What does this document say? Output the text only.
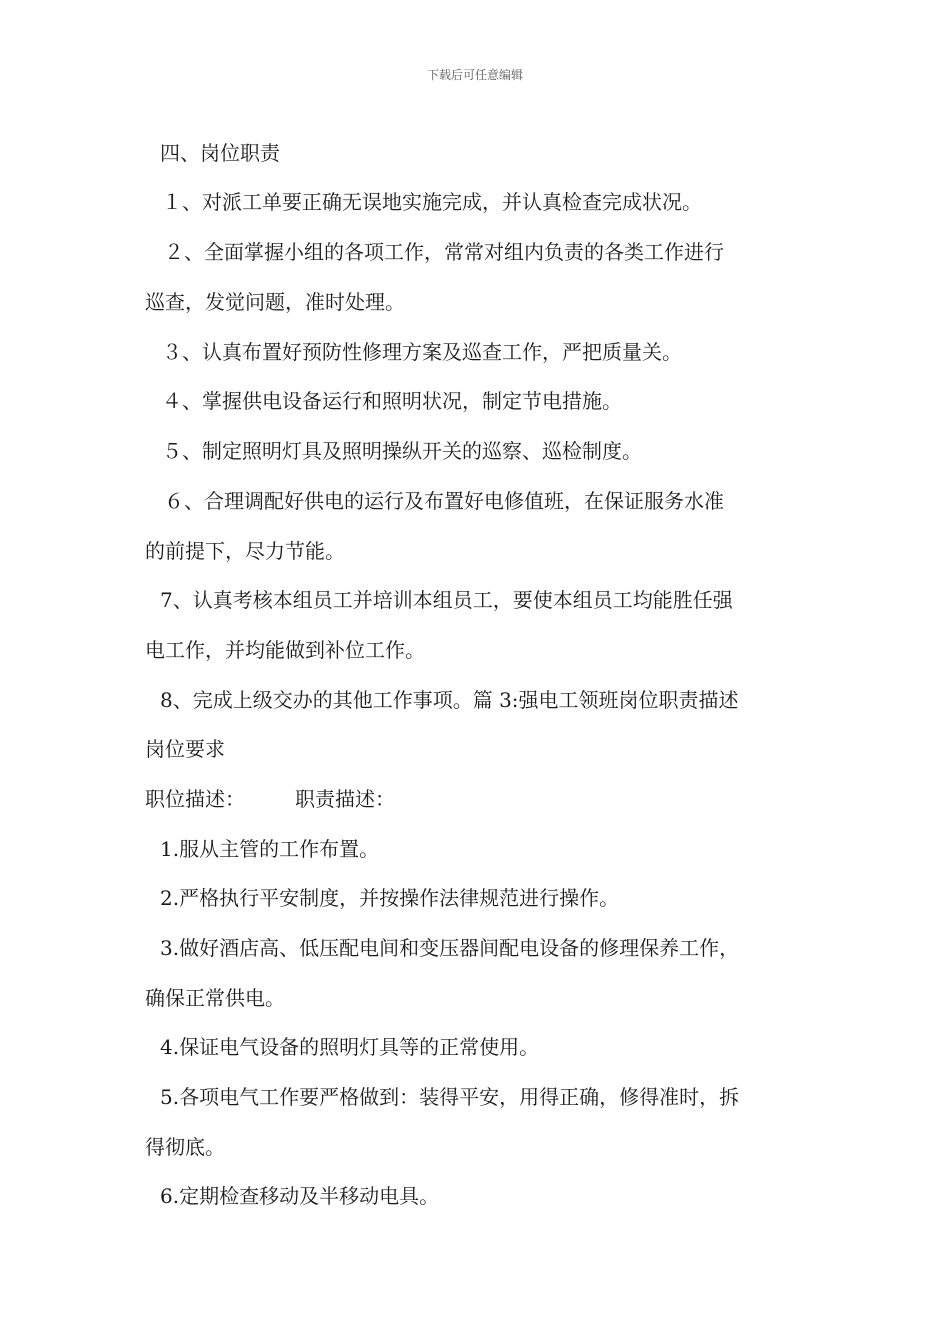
下载后可任意编辑
四、岗位职责
１、对派工单要正确无误地实施完成，并认真检查完成状况。
２、全面掌握小组的各项工作，常常对组内负责的各类工作进行
巡查，发觉问题，准时处理。
３、认真布置好预防性修理方案及巡查工作，严把质量关。
４、掌握供电设备运行和照明状况，制定节电措施。
５、制定照明灯具及照明操纵开关的巡察、巡检制度。
６、合理调配好供电的运行及布置好电修值班，在保证服务水准
的前提下，尽力节能。
7、认真考核本组员工并培训本组员工，要使本组员工均能胜任强
电工作，并均能做到补位工作。
8、完成上级交办的其他工作事项。篇 3:强电工领班岗位职责描述
岗位要求
职位描述：　　　职责描述：
1.服从主管的工作布置。
2.严格执行平安制度，并按操作法律规范进行操作。
3.做好酒店高、低压配电间和变压器间配电设备的修理保养工作，
确保正常供电。
4.保证电气设备的照明灯具等的正常使用。
5.各项电气工作要严格做到：装得平安，用得正确，修得准时，拆
得彻底。
6.定期检查移动及半移动电具。
